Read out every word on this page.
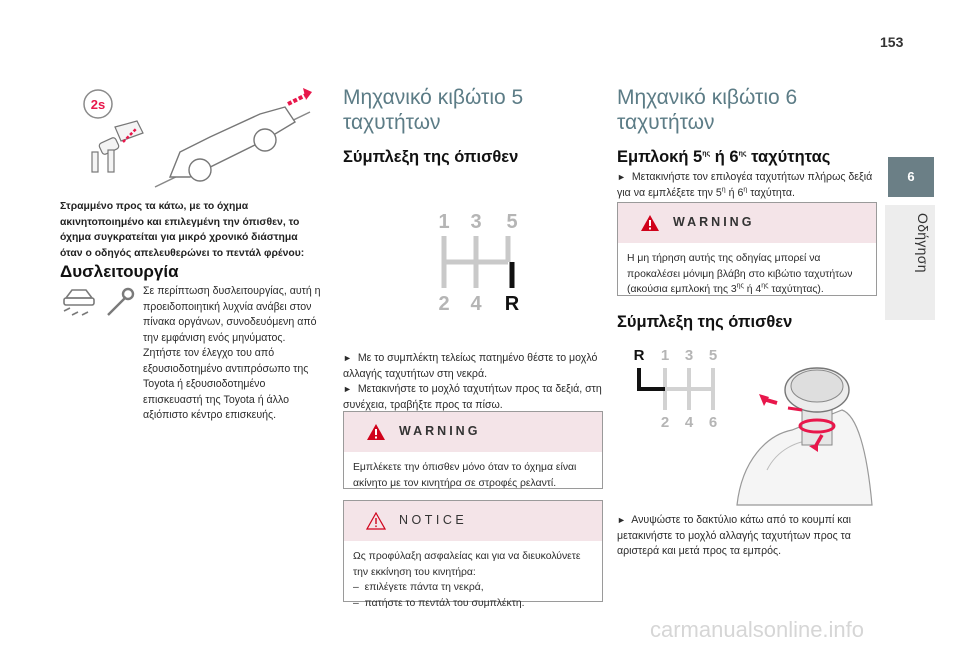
153
6
Οδήγηση
2s
Στραμμένο προς τα κάτω, με το όχημα ακινητοποιημένο και επιλεγμένη την όπισθεν, το όχημα συγκρατείται για μικρό χρονικό διάστημα όταν ο οδηγός απελευθερώνει το πεντάλ φρένου:
Δυσλειτουργία
Σε περίπτωση δυσλειτουργίας, αυτή η προειδοποιητική λυχνία ανάβει στον πίνακα οργάνων, συνοδευόμενη από την εμφάνιση ενός μηνύματος. Ζητήστε τον έλεγχο του από εξουσιοδοτημένο αντιπρόσωπο της Toyota ή εξουσιοδοτημένο επισκευαστή της Toyota ή άλλο αξιόπιστο κέντρο επισκευής.
Μηχανικό κιβώτιο 5 ταχυτήτων
Σύμπλεξη της όπισθεν
1 3 5
2 4 R
► Με το συμπλέκτη τελείως πατημένο θέστε το μοχλό αλλαγής ταχυτήτων στη νεκρά.
► Μετακινήστε το μοχλό ταχυτήτων προς τα δεξιά, στη συνέχεια, τραβήξτε προς τα πίσω.
WARNING
Εμπλέκετε την όπισθεν μόνο όταν το όχημα είναι ακίνητο με τον κινητήρα σε στροφές ρελαντί.
NOTICE
Ως προφύλαξη ασφαλείας και για να διευκολύνετε την εκκίνηση του κινητήρα:
–  επιλέγετε πάντα τη νεκρά,
–  πατήστε το πεντάλ του συμπλέκτη.
Μηχανικό κιβώτιο 6 ταχυτήτων
Εμπλοκή $5^{\eta\varsigma}$ ή $6^{\eta\varsigma}$ ταχύτητας
► Μετακινήστε τον επιλογέα ταχυτήτων πλήρως δεξιά για να εμπλέξετε την $5^\eta$ ή $6^\eta$ ταχύτητα.
WARNING
Η μη τήρηση αυτής της οδηγίας μπορεί να προκαλέσει μόνιμη βλάβη στο κιβώτιο ταχυτήτων (ακούσια εμπλοκή της $3^{\eta\varsigma}$ ή $4^{\eta\varsigma}$ ταχύτητας).
Σύμπλεξη της όπισθεν
R 1 3 5
2 4 6
► Ανυψώστε το δακτύλιο κάτω από το κουμπί και μετακινήστε το μοχλό αλλαγής ταχυτήτων προς τα αριστερά και μετά προς τα εμπρός.
carmanualsonline.info
